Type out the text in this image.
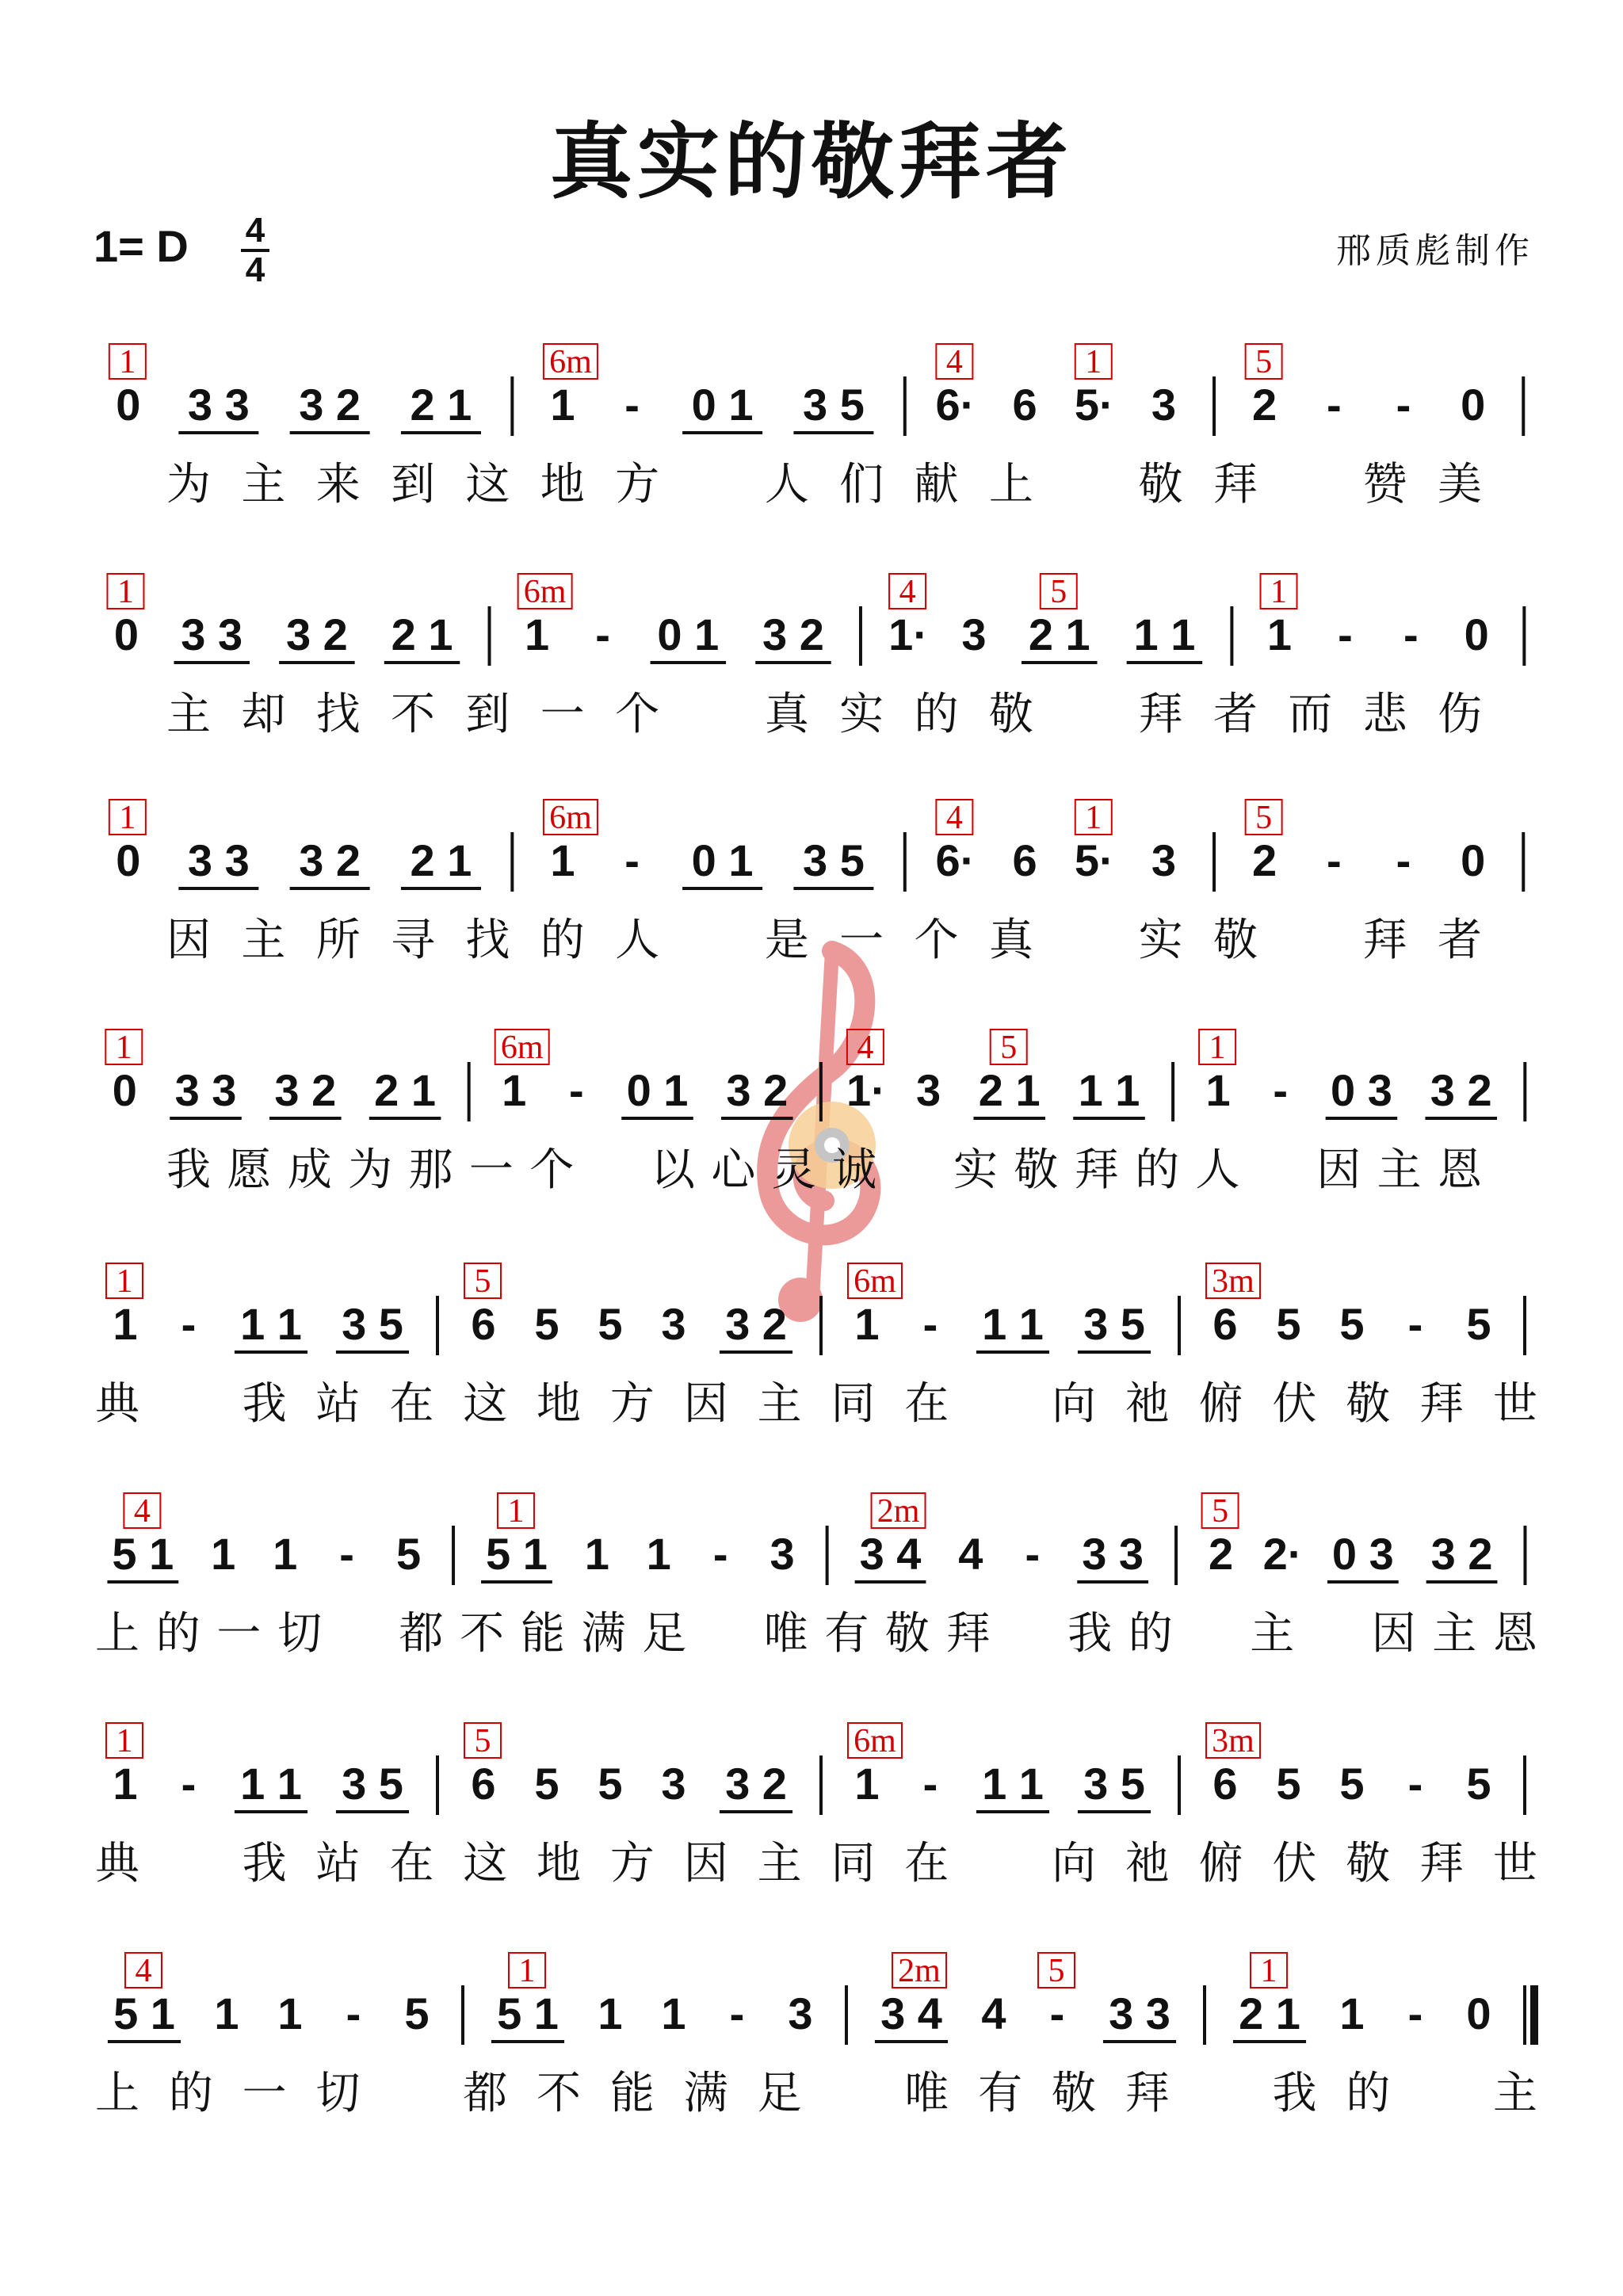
真实的敬拜者
1= D 4
4	邢质彪制作
0 3 3 3 2 2 1 1 - 0 1 3 5 6· 6 5· 3 2 - - 0
1	6m	4	1	5
为 主 来 到 这 地 方 人 们 献 上 敬 拜 赞 美
0 3 3 3 2 2 1 1 - 0 1 3 2 1· 3 2 1 1 1 1 - - 0
1	6m	4	5	1
主 却 找 不 到 一 个 真 实 的 敬 拜 者 而 悲 伤
0 3 3 3 2 2 1 1 - 0 1 3 5 6· 6 5· 3 2 - - 0
1	6m	4	1	5
因 主 所 寻 找 的 人 是 一 个 真 实 敬 拜 者
0 3 3 3 2 2 1 1 - 0 1 3 2 1· 3 2 1 1 1 1 - 0 3 3 2
1	6m	4	5	1
我 愿 成 为 那 一 个 以 心 灵 诚 实 敬 拜 的 人 因 主 恩
1 - 1 1 3 5 6 5 5 3 3 2 1 - 1 1 3 5 6 5 5 - 5
1	5	6m	3m
典 我 站 在 这 地 方 因 主 同 在 向 祂 俯 伏 敬 拜 世
5 1 1 1 - 5 5 1 1 1 - 3 3 4 4 - 3 3 2 2· 0 3 3 2
4	1	2m	5
上 的 一 切 都 不 能 满 足 唯 有 敬 拜 我 的 主 因 主 恩
1 - 1 1 3 5 6 5 5 3 3 2 1 - 1 1 3 5 6 5 5 - 5
1	5	6m	3m
典 我 站 在 这 地 方 因 主 同 在 向 祂 俯 伏 敬 拜 世
5 1 1 1 - 5 5 1 1 1 - 3 3 4 4 - 3 3 2 1 1 - 0
4	1	2m	5	1
上 的 一 切 都 不 能 满 足 唯 有 敬 拜 我 的 主
